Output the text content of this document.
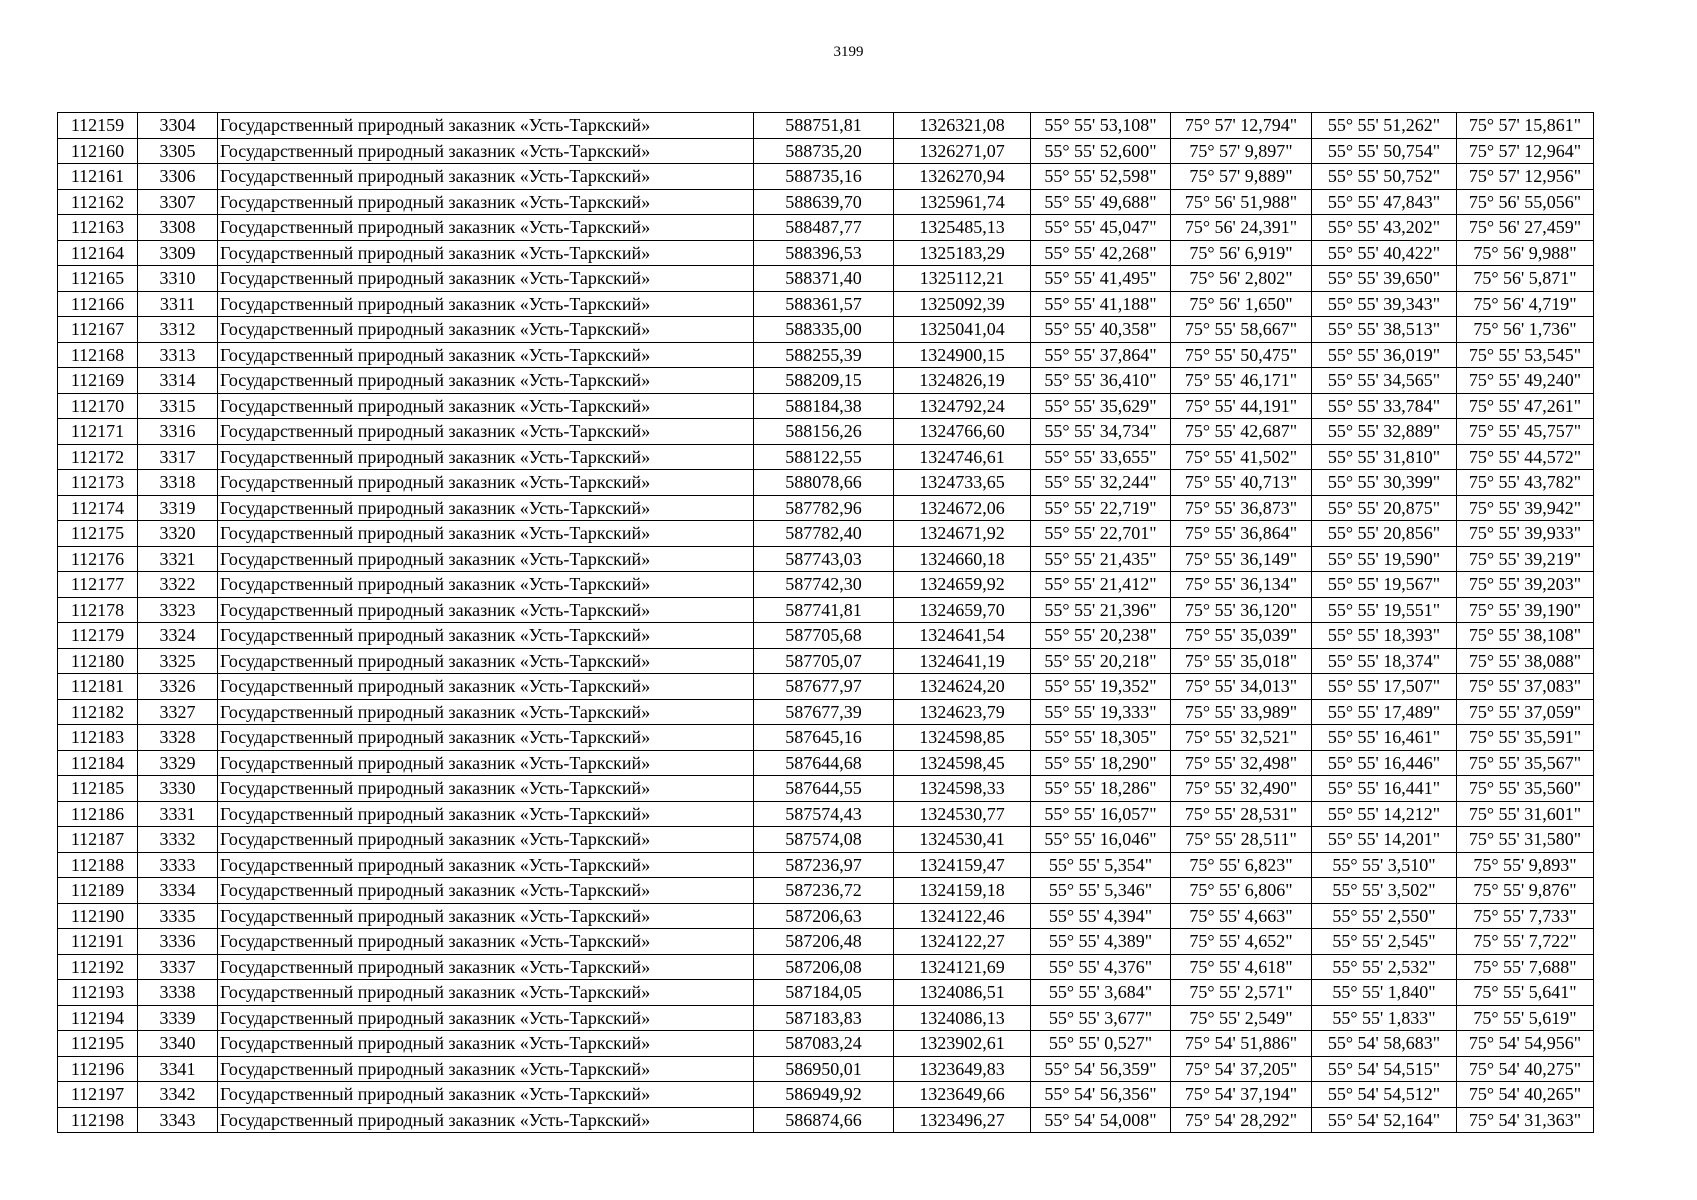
3199
112159	3304	Государственный природный заказник «Усть-Таркский»	588751,81	1326321,08	55° 55' 53,108"	75° 57' 12,794"	55° 55' 51,262"	75° 57' 15,861"
112160	3305	Государственный природный заказник «Усть-Таркский»	588735,20	1326271,07	55° 55' 52,600"	75° 57' 9,897"	55° 55' 50,754"	75° 57' 12,964"
112161	3306	Государственный природный заказник «Усть-Таркский»	588735,16	1326270,94	55° 55' 52,598"	75° 57' 9,889"	55° 55' 50,752"	75° 57' 12,956"
112162	3307	Государственный природный заказник «Усть-Таркский»	588639,70	1325961,74	55° 55' 49,688"	75° 56' 51,988"	55° 55' 47,843"	75° 56' 55,056"
112163	3308	Государственный природный заказник «Усть-Таркский»	588487,77	1325485,13	55° 55' 45,047"	75° 56' 24,391"	55° 55' 43,202"	75° 56' 27,459"
112164	3309	Государственный природный заказник «Усть-Таркский»	588396,53	1325183,29	55° 55' 42,268"	75° 56' 6,919"	55° 55' 40,422"	75° 56' 9,988"
112165	3310	Государственный природный заказник «Усть-Таркский»	588371,40	1325112,21	55° 55' 41,495"	75° 56' 2,802"	55° 55' 39,650"	75° 56' 5,871"
112166	3311	Государственный природный заказник «Усть-Таркский»	588361,57	1325092,39	55° 55' 41,188"	75° 56' 1,650"	55° 55' 39,343"	75° 56' 4,719"
112167	3312	Государственный природный заказник «Усть-Таркский»	588335,00	1325041,04	55° 55' 40,358"	75° 55' 58,667"	55° 55' 38,513"	75° 56' 1,736"
112168	3313	Государственный природный заказник «Усть-Таркский»	588255,39	1324900,15	55° 55' 37,864"	75° 55' 50,475"	55° 55' 36,019"	75° 55' 53,545"
112169	3314	Государственный природный заказник «Усть-Таркский»	588209,15	1324826,19	55° 55' 36,410"	75° 55' 46,171"	55° 55' 34,565"	75° 55' 49,240"
112170	3315	Государственный природный заказник «Усть-Таркский»	588184,38	1324792,24	55° 55' 35,629"	75° 55' 44,191"	55° 55' 33,784"	75° 55' 47,261"
112171	3316	Государственный природный заказник «Усть-Таркский»	588156,26	1324766,60	55° 55' 34,734"	75° 55' 42,687"	55° 55' 32,889"	75° 55' 45,757"
112172	3317	Государственный природный заказник «Усть-Таркский»	588122,55	1324746,61	55° 55' 33,655"	75° 55' 41,502"	55° 55' 31,810"	75° 55' 44,572"
112173	3318	Государственный природный заказник «Усть-Таркский»	588078,66	1324733,65	55° 55' 32,244"	75° 55' 40,713"	55° 55' 30,399"	75° 55' 43,782"
112174	3319	Государственный природный заказник «Усть-Таркский»	587782,96	1324672,06	55° 55' 22,719"	75° 55' 36,873"	55° 55' 20,875"	75° 55' 39,942"
112175	3320	Государственный природный заказник «Усть-Таркский»	587782,40	1324671,92	55° 55' 22,701"	75° 55' 36,864"	55° 55' 20,856"	75° 55' 39,933"
112176	3321	Государственный природный заказник «Усть-Таркский»	587743,03	1324660,18	55° 55' 21,435"	75° 55' 36,149"	55° 55' 19,590"	75° 55' 39,219"
112177	3322	Государственный природный заказник «Усть-Таркский»	587742,30	1324659,92	55° 55' 21,412"	75° 55' 36,134"	55° 55' 19,567"	75° 55' 39,203"
112178	3323	Государственный природный заказник «Усть-Таркский»	587741,81	1324659,70	55° 55' 21,396"	75° 55' 36,120"	55° 55' 19,551"	75° 55' 39,190"
112179	3324	Государственный природный заказник «Усть-Таркский»	587705,68	1324641,54	55° 55' 20,238"	75° 55' 35,039"	55° 55' 18,393"	75° 55' 38,108"
112180	3325	Государственный природный заказник «Усть-Таркский»	587705,07	1324641,19	55° 55' 20,218"	75° 55' 35,018"	55° 55' 18,374"	75° 55' 38,088"
112181	3326	Государственный природный заказник «Усть-Таркский»	587677,97	1324624,20	55° 55' 19,352"	75° 55' 34,013"	55° 55' 17,507"	75° 55' 37,083"
112182	3327	Государственный природный заказник «Усть-Таркский»	587677,39	1324623,79	55° 55' 19,333"	75° 55' 33,989"	55° 55' 17,489"	75° 55' 37,059"
112183	3328	Государственный природный заказник «Усть-Таркский»	587645,16	1324598,85	55° 55' 18,305"	75° 55' 32,521"	55° 55' 16,461"	75° 55' 35,591"
112184	3329	Государственный природный заказник «Усть-Таркский»	587644,68	1324598,45	55° 55' 18,290"	75° 55' 32,498"	55° 55' 16,446"	75° 55' 35,567"
112185	3330	Государственный природный заказник «Усть-Таркский»	587644,55	1324598,33	55° 55' 18,286"	75° 55' 32,490"	55° 55' 16,441"	75° 55' 35,560"
112186	3331	Государственный природный заказник «Усть-Таркский»	587574,43	1324530,77	55° 55' 16,057"	75° 55' 28,531"	55° 55' 14,212"	75° 55' 31,601"
112187	3332	Государственный природный заказник «Усть-Таркский»	587574,08	1324530,41	55° 55' 16,046"	75° 55' 28,511"	55° 55' 14,201"	75° 55' 31,580"
112188	3333	Государственный природный заказник «Усть-Таркский»	587236,97	1324159,47	55° 55' 5,354"	75° 55' 6,823"	55° 55' 3,510"	75° 55' 9,893"
112189	3334	Государственный природный заказник «Усть-Таркский»	587236,72	1324159,18	55° 55' 5,346"	75° 55' 6,806"	55° 55' 3,502"	75° 55' 9,876"
112190	3335	Государственный природный заказник «Усть-Таркский»	587206,63	1324122,46	55° 55' 4,394"	75° 55' 4,663"	55° 55' 2,550"	75° 55' 7,733"
112191	3336	Государственный природный заказник «Усть-Таркский»	587206,48	1324122,27	55° 55' 4,389"	75° 55' 4,652"	55° 55' 2,545"	75° 55' 7,722"
112192	3337	Государственный природный заказник «Усть-Таркский»	587206,08	1324121,69	55° 55' 4,376"	75° 55' 4,618"	55° 55' 2,532"	75° 55' 7,688"
112193	3338	Государственный природный заказник «Усть-Таркский»	587184,05	1324086,51	55° 55' 3,684"	75° 55' 2,571"	55° 55' 1,840"	75° 55' 5,641"
112194	3339	Государственный природный заказник «Усть-Таркский»	587183,83	1324086,13	55° 55' 3,677"	75° 55' 2,549"	55° 55' 1,833"	75° 55' 5,619"
112195	3340	Государственный природный заказник «Усть-Таркский»	587083,24	1323902,61	55° 55' 0,527"	75° 54' 51,886"	55° 54' 58,683"	75° 54' 54,956"
112196	3341	Государственный природный заказник «Усть-Таркский»	586950,01	1323649,83	55° 54' 56,359"	75° 54' 37,205"	55° 54' 54,515"	75° 54' 40,275"
112197	3342	Государственный природный заказник «Усть-Таркский»	586949,92	1323649,66	55° 54' 56,356"	75° 54' 37,194"	55° 54' 54,512"	75° 54' 40,265"
112198	3343	Государственный природный заказник «Усть-Таркский»	586874,66	1323496,27	55° 54' 54,008"	75° 54' 28,292"	55° 54' 52,164"	75° 54' 31,363"
